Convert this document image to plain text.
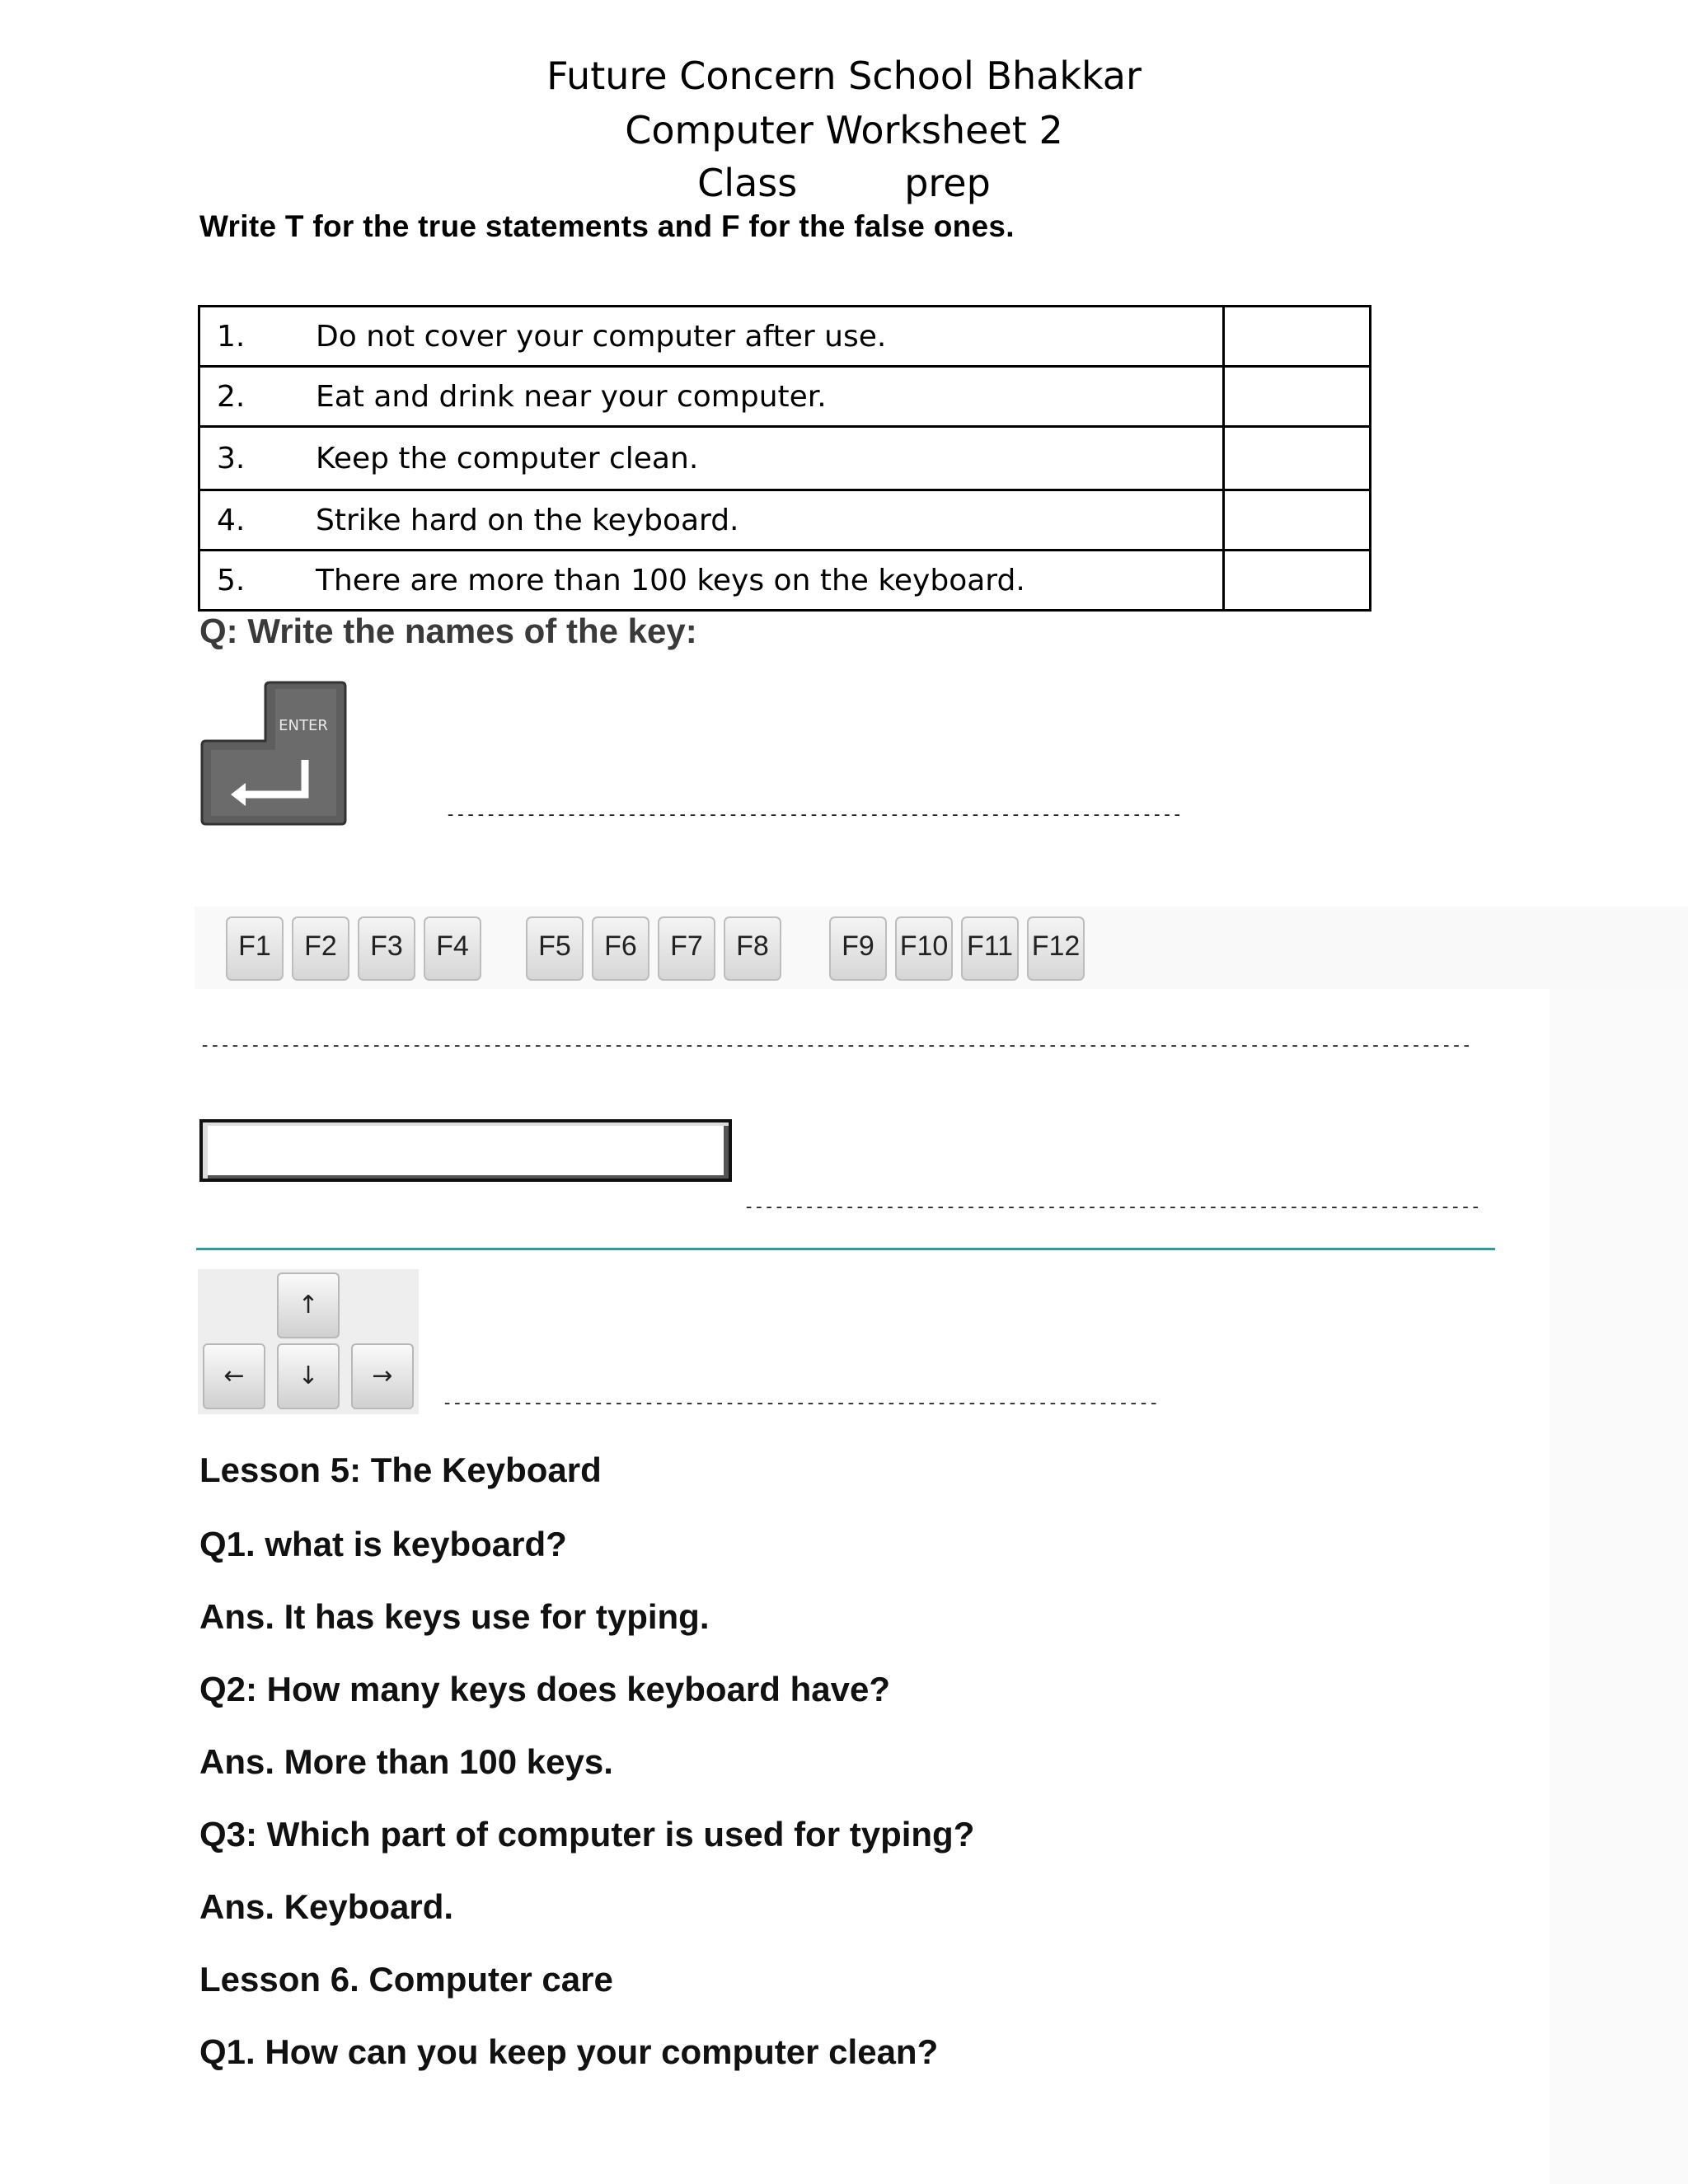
Future Concern School Bhakkar
Computer Worksheet 2
Class	prep
Write T for the true statements and F for the false ones.
1. Do not cover your computer after use.	
2. Eat and drink near your computer.	
3. Keep the computer clean.	
4. Strike hard on the keyboard.	
5. There are more than 100 keys on the keyboard.	
Q: Write the names of the key:
ENTER
-------------------------------------------------------------------------
F1	F2	F3	F4	F5	F6	F7	F8	F9 F10 F11 F12
------------------------------------------------------------------------------------------------------------------------------
-------------------------------------------------------------------------
↑
←	↓	→
-----------------------------------------------------------------------
Lesson 5: The Keyboard
Q1. what is keyboard?
Ans. It has keys use for typing.
Q2: How many keys does keyboard have?
Ans. More than 100 keys.
Q3: Which part of computer is used for typing?
Ans. Keyboard.
Lesson 6. Computer care
Q1. How can you keep your computer clean?
